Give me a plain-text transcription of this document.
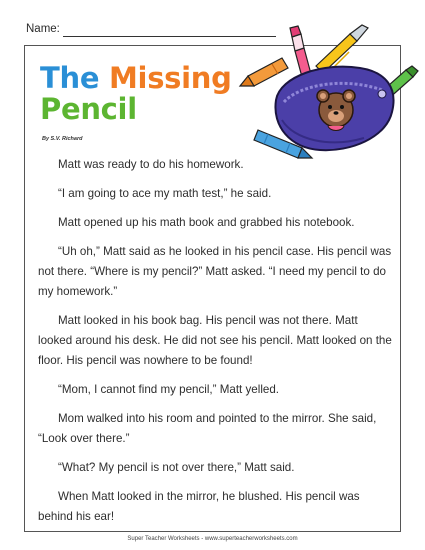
Name:
The Missing
Pencil
By S.V. Richard

Matt was ready to do his homework.

“I am going to ace my math test,” he said.

Matt opened up his math book and grabbed his notebook.

“Uh oh,” Matt said as he looked in his pencil case. His pencil was not there. “Where is my pencil?” Matt asked. “I need my pencil to do my homework.”

Matt looked in his book bag. His pencil was not there. Matt looked around his desk. He did not see his pencil. Matt looked on the floor. His pencil was nowhere to be found!

“Mom, I cannot find my pencil,” Matt yelled.

Mom walked into his room and pointed to the mirror. She said, “Look over there.”

“What? My pencil is not over there,” Matt said.

When Matt looked in the mirror, he blushed. His pencil was behind his ear!

Super Teacher Worksheets - www.superteacherworksheets.com
